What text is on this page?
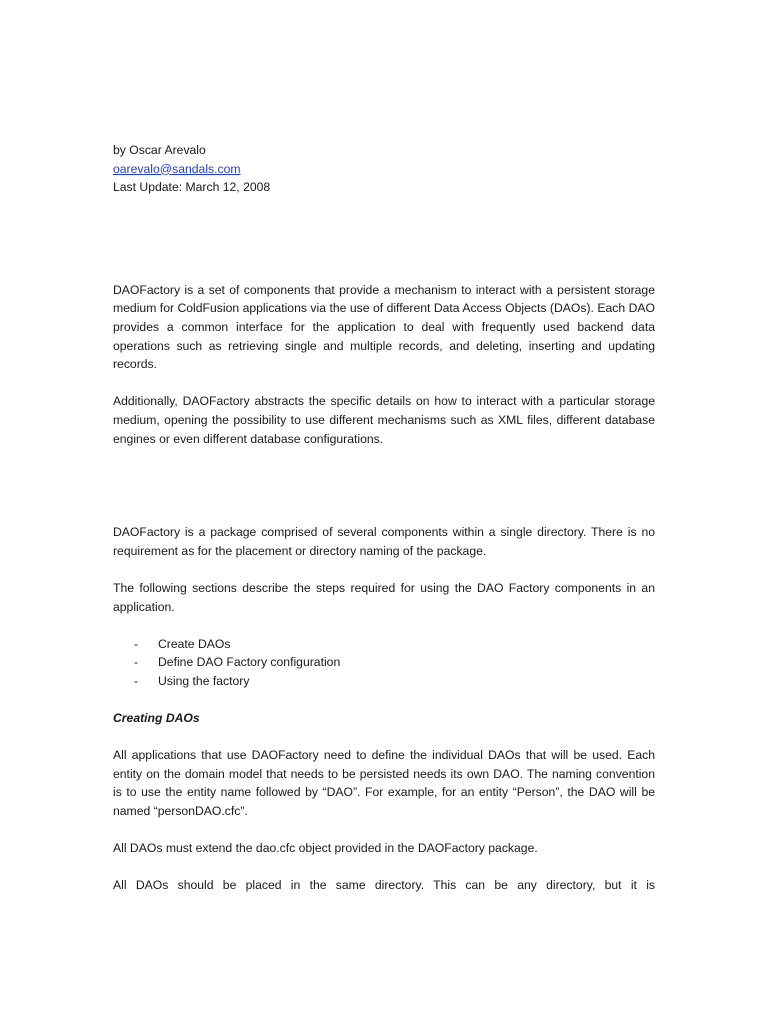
by Oscar Arevalo
oarevalo@sandals.com
Last Update: March 12, 2008

DAOFactory is a set of components that provide a mechanism to interact with a persistent storage medium for ColdFusion applications via the use of different Data Access Objects (DAOs). Each DAO provides a common interface for the application to deal with frequently used backend data operations such as retrieving single and multiple records, and deleting, inserting and updating records.

Additionally, DAOFactory abstracts the specific details on how to interact with a particular storage medium, opening the possibility to use different mechanisms such as XML files, different database engines or even different database configurations.

DAOFactory is a package comprised of several components within a single directory. There is no requirement as for the placement or directory naming of the package.

The following sections describe the steps required for using the DAO Factory components in an application.

- Create DAOs
- Define DAO Factory configuration
- Using the factory
Creating DAOs

All applications that use DAOFactory need to define the individual DAOs that will be used. Each entity on the domain model that needs to be persisted needs its own DAO. The naming convention is to use the entity name followed by “DAO”. For example, for an entity “Person”, the DAO will be named “personDAO.cfc”.

All DAOs must extend the dao.cfc object provided in the DAOFactory package.

All DAOs should be placed in the same directory. This can be any directory, but it is
